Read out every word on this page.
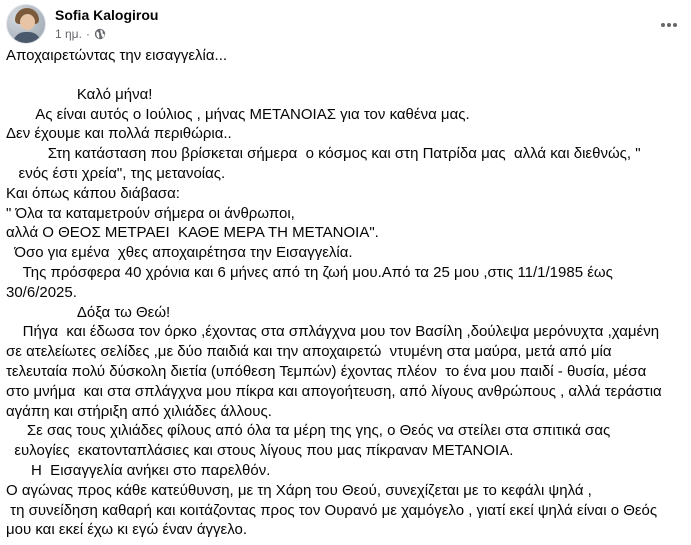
Sofia Kalogirou
1 ημ. ·

Αποχαιρετώντας την εισαγγελία...

Καλό μήνα!

Ας είναι αυτός ο Ιούλιος , μήνας ΜΕΤΑΝΟΙΑΣ για τον καθένα μας.

Δεν έχουμε και πολλά περιθώρια..

Στη κατάσταση που βρίσκεται σήμερα  ο κόσμος και στη Πατρίδα μας  αλλά και διεθνώς, "

ενός έστι χρεία", της μετανοίας.

Και όπως κάπου διάβασα:

" Όλα τα καταμετρούν σήμερα οι άνθρωποι,

αλλά Ο ΘΕΟΣ ΜΕΤΡΑΕΙ  ΚΑΘΕ ΜΕΡΑ ΤΗ ΜΕΤΑΝΟΙΑ".

Όσο για εμένα  χθες αποχαιρέτησα την Εισαγγελία.

Της πρόσφερα 40 χρόνια και 6 μήνες από τη ζωή μου.Από τα 25 μου ,στις 11/1/1985 έως

30/6/2025.

Δόξα τω Θεώ!

Πήγα  και έδωσα τον όρκο ,έχοντας στα σπλάγχνα μου τον Βασίλη ,δούλεψα μερόνυχτα ,χαμένη

σε ατελείωτες σελίδες ,με δύο παιδιά και την αποχαιρετώ  ντυμένη στα μαύρα, μετά από μία

τελευταία πολύ δύσκολη διετία (υπόθεση Τεμπών) έχοντας πλέον  το ένα μου παιδί - θυσία, μέσα

στο μνήμα  και στα σπλάγχνα μου πίκρα και απογοήτευση, από λίγους ανθρώπους , αλλά τεράστια

αγάπη και στήριξη από χιλιάδες άλλους.

Σε σας τους χιλιάδες φίλους από όλα τα μέρη της γης, ο Θεός να στείλει στα σπιτικά σας

ευλογίες  εκατονταπλάσιες και στους λίγους που μας πίκραναν ΜΕΤΑΝΟΙΑ.

Η  Εισαγγελία ανήκει στο παρελθόν.

Ο αγώνας προς κάθε κατεύθυνση, με τη Χάρη του Θεού, συνεχίζεται με το κεφάλι ψηλά ,

τη συνείδηση καθαρή και κοιτάζοντας προς τον Ουρανό με χαμόγελο , γιατί εκεί ψηλά είναι ο Θεός

μου και εκεί έχω κι εγώ έναν άγγελο.
